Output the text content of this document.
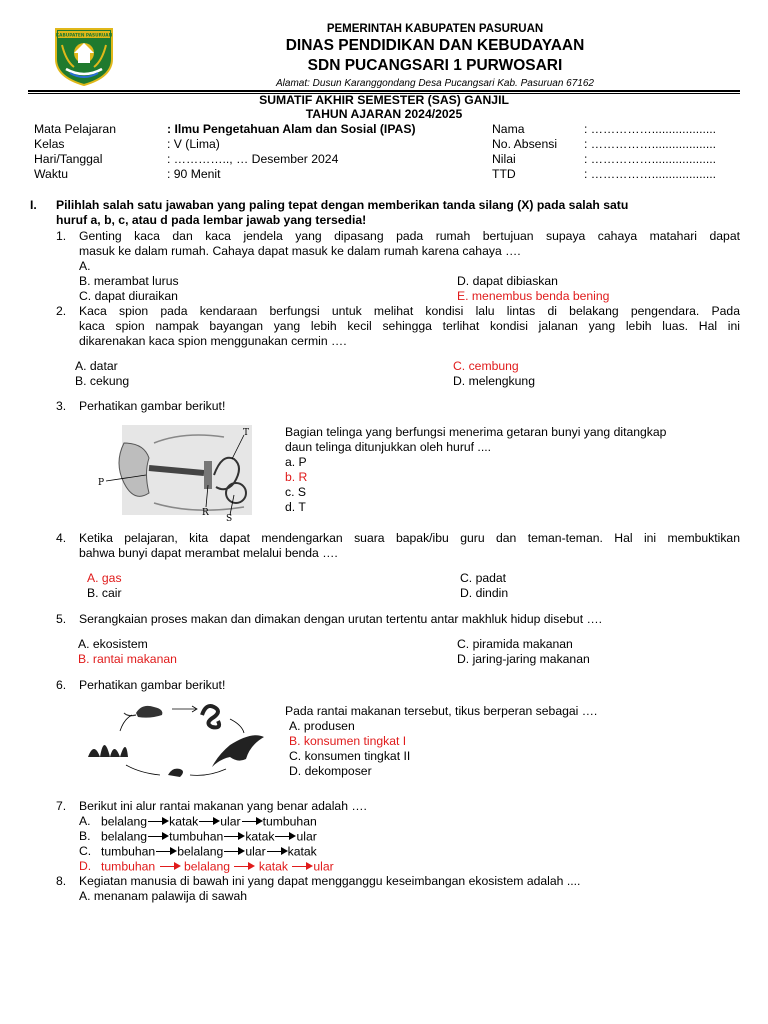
KABUPATEN PASURUAN
PEMERINTAH KABUPATEN PASURUAN
DINAS PENDIDIKAN DAN KEBUDAYAAN
SDN PUCANGSARI 1 PURWOSARI
Alamat: Dusun Karanggondang Desa Pucangsari Kab. Pasuruan 67162
SUMATIF AKHIR SEMESTER (SAS) GANJIL
TAHUN AJARAN 2024/2025
Mata Pelajaran	: Ilmu Pengetahuan Alam dan Sosial (IPAS)
Kelas	: V (Lima)
Hari/Tanggal	: ………….., … Desember 2024
Waktu	: 90 Menit
Nama	: ……………...................
No. Absensi : ……………...................
Nilai	: ……………...................
TTD	: ……………...................
I. Pilihlah salah satu jawaban yang paling tepat dengan memberikan tanda silang (X) pada salah satu
huruf a, b, c, atau d pada lembar jawab yang tersedia!
1. Genting kaca dan kaca jendela yang dipasang pada rumah bertujuan supaya cahaya matahari dapat
masuk ke dalam rumah. Cahaya dapat masuk ke dalam rumah karena cahaya ….
A.
B. merambat lurus
C. dapat diuraikan
D. dapat dibiaskan
E. menembus benda bening
2. Kaca spion pada kendaraan berfungsi untuk melihat kondisi lalu lintas di belakang pengendara. Pada
kaca spion nampak bayangan yang lebih kecil sehingga terlihat kondisi jalanan yang lebih luas. Hal ini
dikarenakan kaca spion menggunakan cermin ….
A. datar
B. cekung
C. cembung
D. melengkung
3. Perhatikan gambar berikut!
T
P
R
S
Bagian telinga yang berfungsi menerima getaran bunyi yang ditangkap
daun telinga ditunjukkan oleh huruf ....
a. P
b. R
c. S
d. T
4. Ketika pelajaran, kita dapat mendengarkan suara bapak/ibu guru dan teman-teman. Hal ini membuktikan
bahwa bunyi dapat merambat melalui benda ….
A. gas
B. cair
C. padat
D. dindin
5. Serangkaian proses makan dan dimakan dengan urutan tertentu antar makhluk hidup disebut ….
A. ekosistem
B. rantai makanan
C. piramida makanan
D. jaring-jaring makanan
6. Perhatikan gambar berikut!
Pada rantai makanan tersebut, tikus berperan sebagai ….
A. produsen
B. konsumen tingkat I
C. konsumen tingkat II
D. dekomposer
7. Berikut ini alur rantai makanan yang benar adalah ….
A. belalang katak ular tumbuhan
B. belalang tumbuhan katak ular
C. tumbuhan belalang ular katak
D. tumbuhan belalang katak ular
8. Kegiatan manusia di bawah ini yang dapat mengganggu keseimbangan ekosistem adalah ....
A. menanam palawija di sawah
